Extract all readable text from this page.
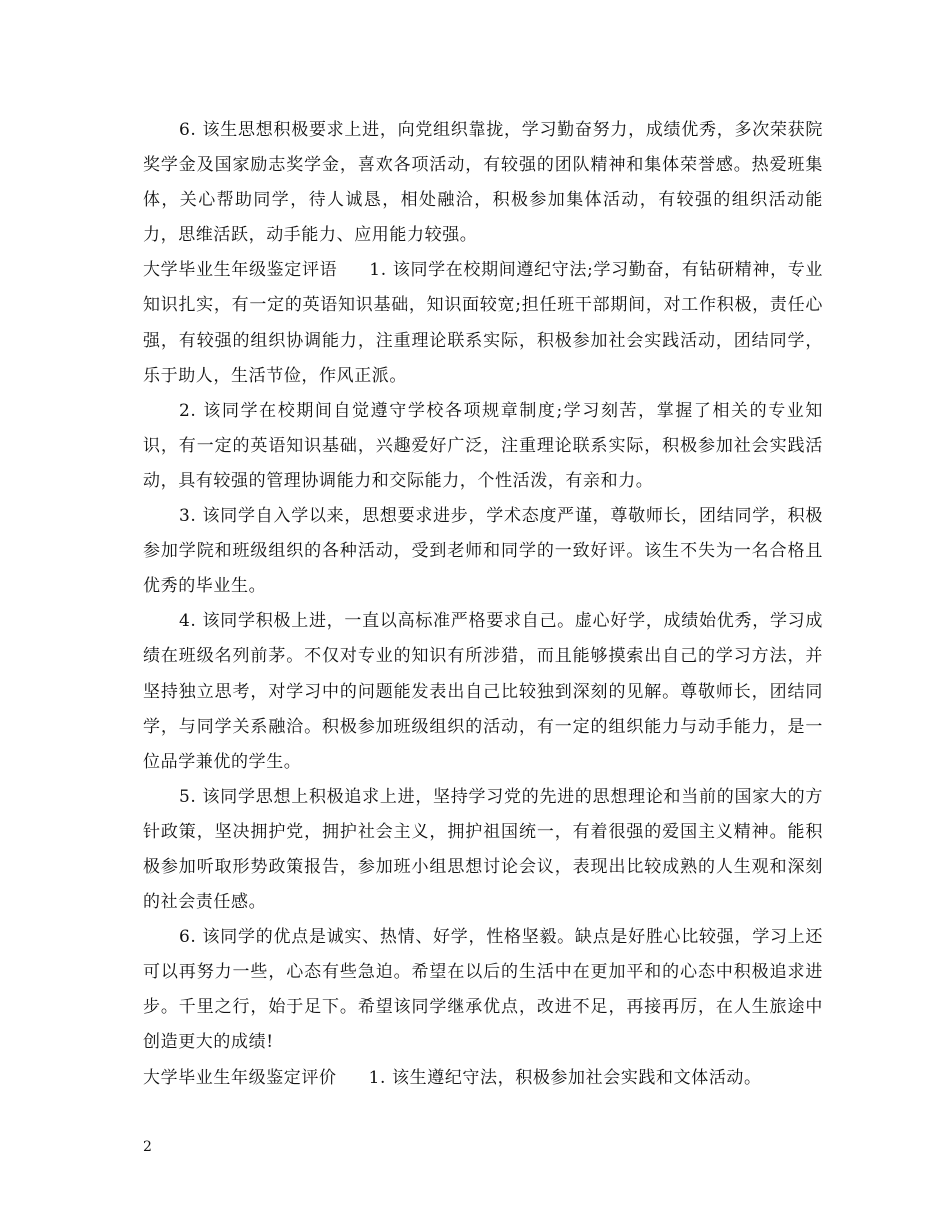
6. 该生思想积极要求上进，向党组织靠拢，学习勤奋努力，成绩优秀，多次荣获院奖学金及国家励志奖学金，喜欢各项活动，有较强的团队精神和集体荣誉感。热爱班集体，关心帮助同学，待人诚恳，相处融洽，积极参加集体活动，有较强的组织活动能力，思维活跃，动手能力、应用能力较强。

大学毕业生年级鉴定评语 1. 该同学在校期间遵纪守法;学习勤奋，有钻研精神，专业知识扎实，有一定的英语知识基础，知识面较宽;担任班干部期间，对工作积极，责任心强，有较强的组织协调能力，注重理论联系实际，积极参加社会实践活动，团结同学，乐于助人，生活节俭，作风正派。

2. 该同学在校期间自觉遵守学校各项规章制度;学习刻苦，掌握了相关的专业知识，有一定的英语知识基础，兴趣爱好广泛，注重理论联系实际，积极参加社会实践活动，具有较强的管理协调能力和交际能力，个性活泼，有亲和力。

3. 该同学自入学以来，思想要求进步，学术态度严谨，尊敬师长，团结同学，积极参加学院和班级组织的各种活动，受到老师和同学的一致好评。该生不失为一名合格且优秀的毕业生。

4. 该同学积极上进，一直以高标准严格要求自己。虚心好学，成绩始优秀，学习成绩在班级名列前茅。不仅对专业的知识有所涉猎，而且能够摸索出自己的学习方法，并坚持独立思考，对学习中的问题能发表出自己比较独到深刻的见解。尊敬师长，团结同学，与同学关系融洽。积极参加班级组织的活动，有一定的组织能力与动手能力，是一位品学兼优的学生。

5. 该同学思想上积极追求上进，坚持学习党的先进的思想理论和当前的国家大的方针政策，坚决拥护党，拥护社会主义，拥护祖国统一，有着很强的爱国主义精神。能积极参加听取形势政策报告，参加班小组思想讨论会议，表现出比较成熟的人生观和深刻的社会责任感。

6. 该同学的优点是诚实、热情、好学，性格坚毅。缺点是好胜心比较强，学习上还可以再努力一些，心态有些急迫。希望在以后的生活中在更加平和的心态中积极追求进步。千里之行，始于足下。希望该同学继承优点，改进不足，再接再厉，在人生旅途中创造更大的成绩!

大学毕业生年级鉴定评价 1. 该生遵纪守法，积极参加社会实践和文体活动。

2
